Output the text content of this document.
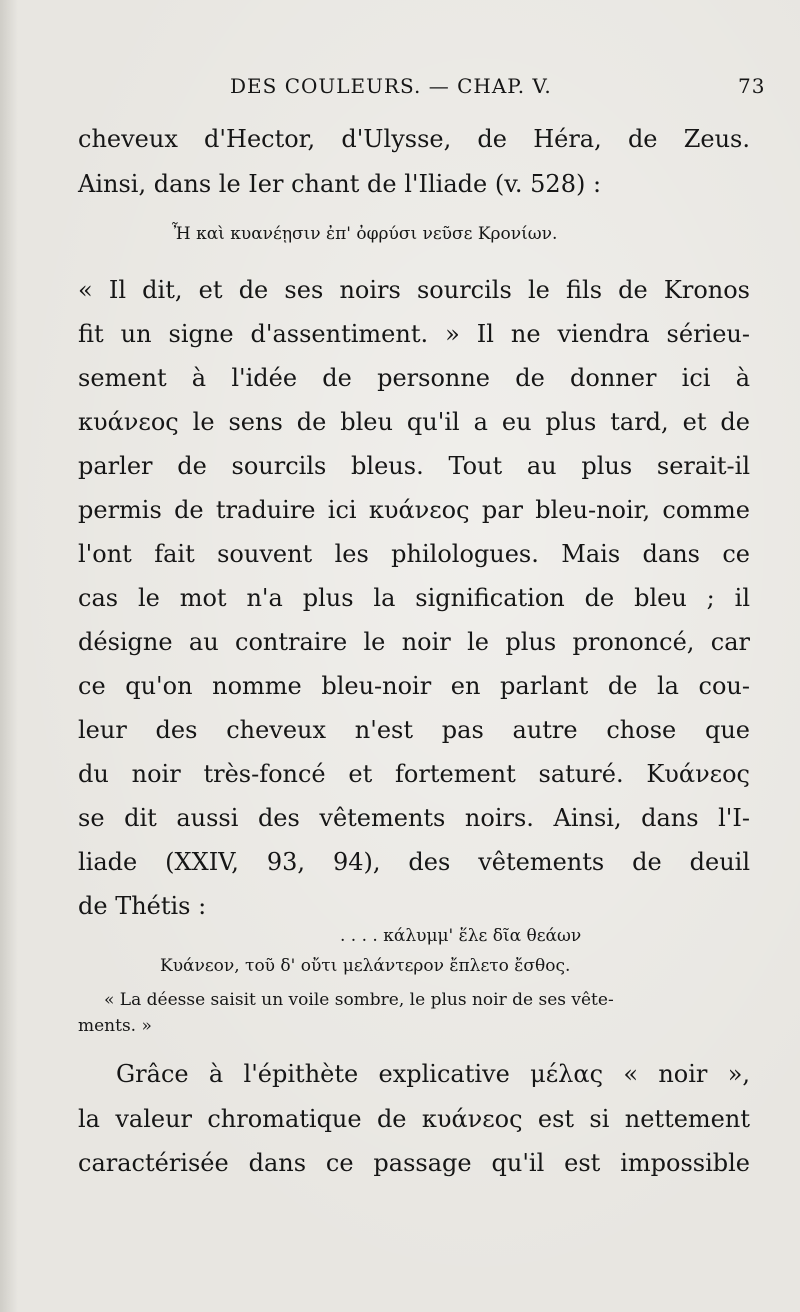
DES COULEURS. — CHAP. V.	73
cheveux d'Hector, d'Ulysse, de Héra, de Zeus.
Ainsi, dans le Ier chant de l'Iliade (v. 528) :
Ἦ καὶ κυανέῃσιν ἐπ' ὀφρύσι νεῦσε Κρονίων.
« Il dit, et de ses noirs sourcils le fils de Kronos
fit un signe d'assentiment. » Il ne viendra sérieu-
sement à l'idée de personne de donner ici à
κυάνεος le sens de bleu qu'il a eu plus tard, et de
parler de sourcils bleus. Tout au plus serait-il
permis de traduire ici κυάνεος par bleu-noir, comme
l'ont fait souvent les philologues. Mais dans ce
cas le mot n'a plus la signification de bleu ; il
désigne au contraire le noir le plus prononcé, car
ce qu'on nomme bleu-noir en parlant de la cou-
leur des cheveux n'est pas autre chose que
du noir très-foncé et fortement saturé. Κυάνεος
se dit aussi des vêtements noirs. Ainsi, dans l'I-
liade (XXIV, 93, 94), des vêtements de deuil
de Thétis :
. . . . κάλυμμ' ἕλε δῖα θεάων
Κυάνεον, τοῦ δ' οὔτι μελάντερον ἔπλετο ἔσθος.
« La déesse saisit un voile sombre, le plus noir de ses vête-
ments. »
Grâce à l'épithète explicative μέλας « noir »,
la valeur chromatique de κυάνεος est si nettement
caractérisée dans ce passage qu'il est impossible
